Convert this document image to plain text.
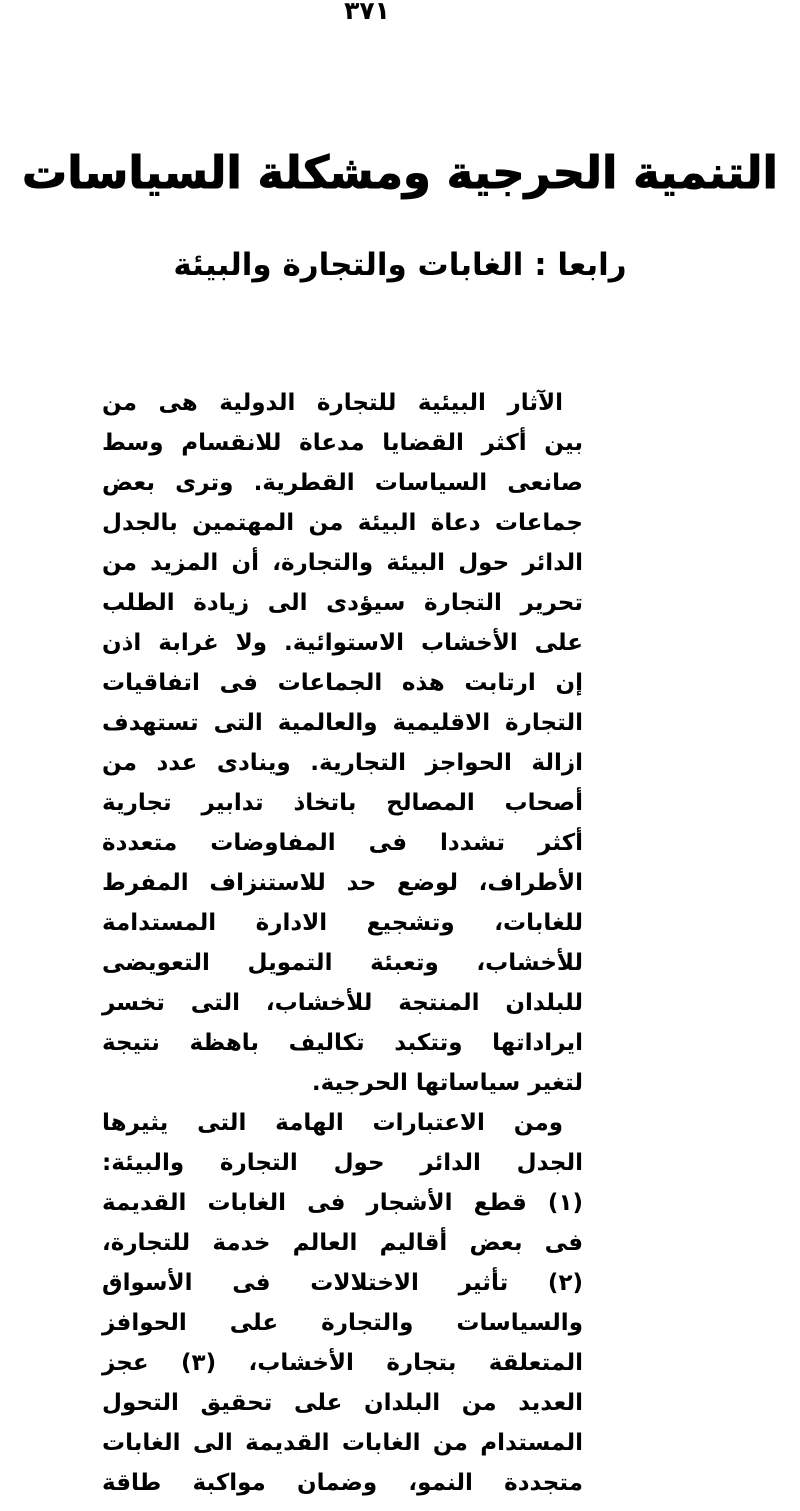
٣٧١
التنمية الحرجية ومشكلة السياسات
رابعا : الغابات والتجارة والبيئة
الآثار البيئية للتجارة الدولية هى من
بين أكثر القضايا مدعاة للانقسام وسط
صانعى السياسات القطرية. وترى بعض
جماعات دعاة البيئة من المهتمين بالجدل
الدائر حول البيئة والتجارة، أن المزيد من
تحرير التجارة سيؤدى الى زيادة الطلب
على الأخشاب الاستوائية. ولا غرابة اذن
إن ارتابت هذه الجماعات فى اتفاقيات
التجارة الاقليمية والعالمية التى تستهدف
ازالة الحواجز التجارية. وينادى عدد من
أصحاب المصالح باتخاذ تدابير تجارية
أكثر تشددا فى المفاوضات متعددة
الأطراف، لوضع حد للاستنزاف المفرط
للغابات، وتشجيع الادارة المستدامة
للأخشاب، وتعبئة التمويل التعويضى
للبلدان المنتجة للأخشاب، التى تخسر
ايراداتها وتتكبد تكاليف باهظة نتيجة
لتغير سياساتها الحرجية.
ومن الاعتبارات الهامة التى يثيرها
الجدل الدائر حول التجارة والبيئة:
(١) قطع الأشجار فى الغابات القديمة
فى بعض أقاليم العالم خدمة للتجارة،
(٢) تأثير الاختلالات فى الأسواق
والسياسات والتجارة على الحوافز
المتعلقة بتجارة الأخشاب، (٣) عجز
العديد من البلدان على تحقيق التحول
المستدام من الغابات القديمة الى الغابات
متجددة النمو، وضمان مواكبة طاقة
